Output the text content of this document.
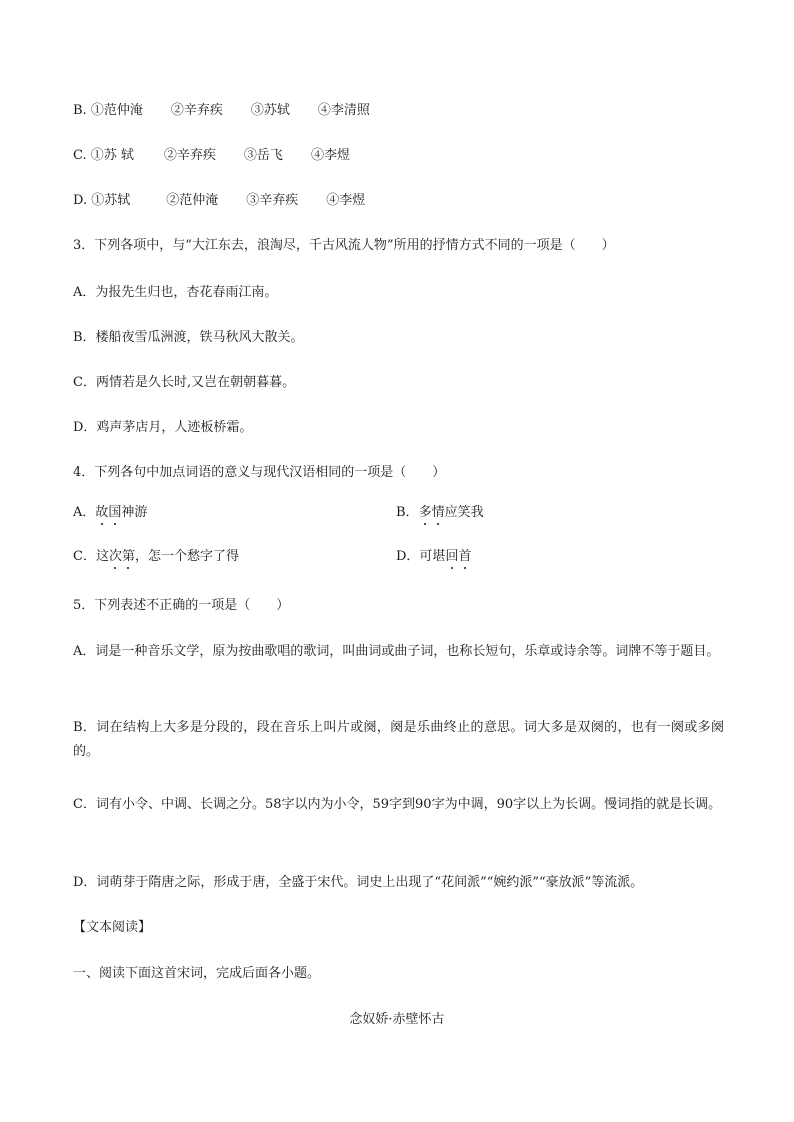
B. ①范仲淹 ②辛弃疾 ③苏轼 ④李清照
C. ①苏 轼 ②辛弃疾 ③岳飞 ④李煜
D. ①苏轼	②范仲淹 ③辛弃疾 ④李煜
3．下列各项中，与“大江东去，浪淘尽，千古风流人物”所用的抒情方式不同的一项是（　　）
A．为报先生归也，杏花春雨江南。
B．楼船夜雪瓜洲渡，铁马秋风大散关。
C．两情若是久长时,又岂在朝朝暮暮。
D．鸡声茅店月，人迹板桥霜。
4．下列各句中加点词语的意义与现代汉语相同的一项是（　　）
A．故国神游	B．多情应笑我
C．这次第，怎一个愁字了得	D．可堪回首
5．下列表述不正确的一项是（　　）
A．词是一种音乐文学，原为按曲歌唱的歌词，叫曲词或曲子词，也称长短句，乐章或诗余等。词牌不等于题目。
B．词在结构上大多是分段的，段在音乐上叫片或阕，阕是乐曲终止的意思。词大多是双阕的，也有一阕或多阕的。
C．词有小令、中调、长调之分。58字以内为小令，59字到90字为中调，90字以上为长调。慢词指的就是长调。
D．词萌芽于隋唐之际，形成于唐，全盛于宋代。词史上出现了“花间派”“婉约派”“豪放派”等流派。
【文本阅读】
一、阅读下面这首宋词，完成后面各小题。
念奴娇·赤壁怀古
